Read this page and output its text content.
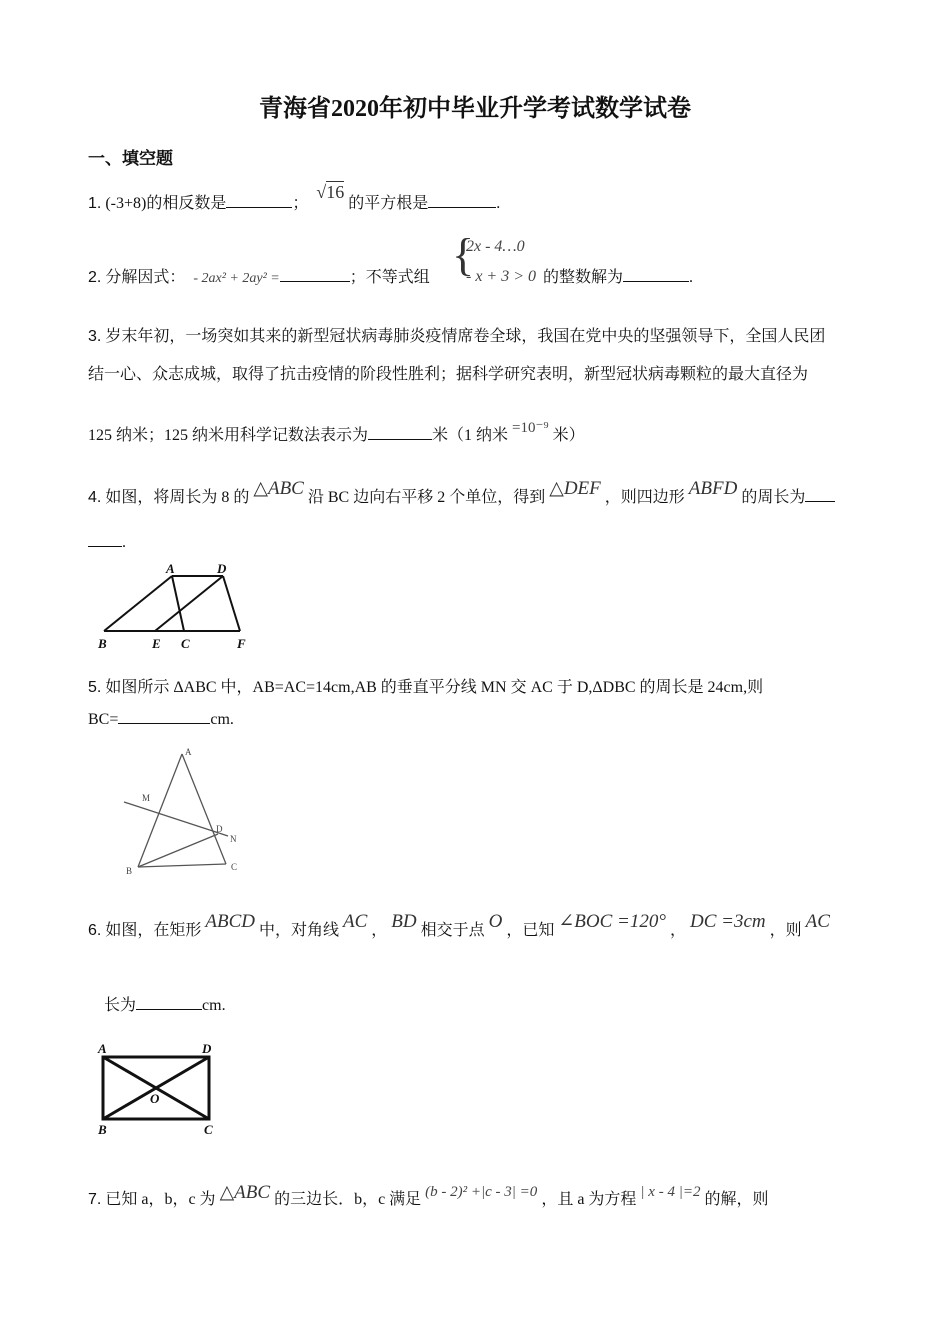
青海省2020年初中毕业升学考试数学试卷
一、填空题
1. (-3+8)的相反数是	； √16的平方根是	.
2. 分解因式： - 2ax² + 2ay² =	；不等式组 {
2x - 4…0
- x + 3 > 0 的整数解为	.
3. 岁末年初，一场突如其来的新型冠状病毒肺炎疫情席卷全球，我国在党中央的坚强领导下，全国人民团
结一心、众志成城，取得了抗击疫情的阶段性胜利；据科学研究表明，新型冠状病毒颗粒的最大直径为
125 纳米；125 纳米用科学记数法表示为	米（1 纳米 =10⁻⁹ 米）
4. 如图，将周长为 8 的 △ABC 沿 BC 边向右平移 2 个单位，得到 △DEF ，则四边形 ABFD 的周长为
.
A	D
B	E C	F
5. 如图所示 ΔABC 中，AB=AC=14cm,AB 的垂直平分线 MN 交 AC 于 D,ΔDBC 的周长是 24cm,则
BC=	cm.
A
M
D
N
B	C
6. 如图，在矩形 ABCD 中，对角线 AC ， BD 相交于点 O ，已知 ∠BOC =120° ， DC =3cm ，则 AC
长为	cm.
A	D
O
B	C
7. 已知 a，b，c 为 △ABC 的三边长．b，c 满足 (b - 2)² +|c - 3| =0 ，且 a 为方程 | x - 4 |=2 的解，则
